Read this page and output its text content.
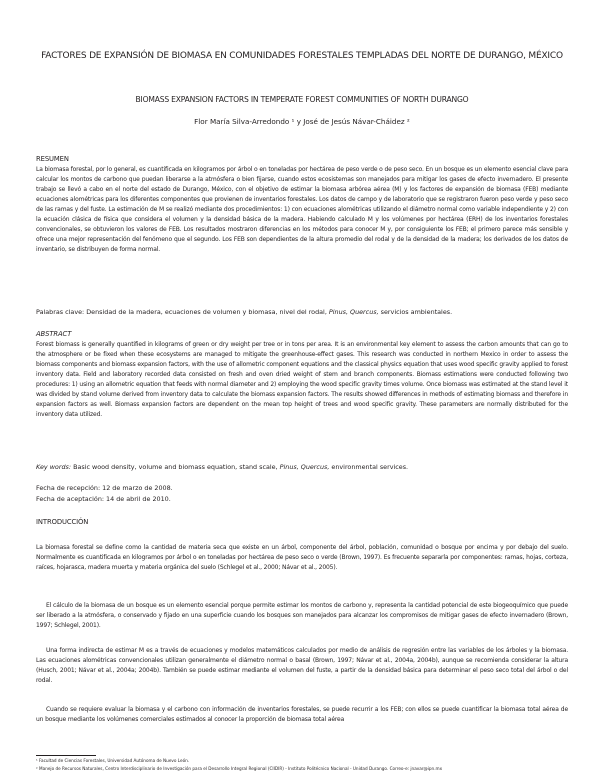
FACTORES DE EXPANSIÓN DE BIOMASA EN COMUNIDADES FORESTALES TEMPLADAS DEL NORTE DE DURANGO, MÉXICO
BIOMASS EXPANSION FACTORS IN TEMPERATE FOREST COMMUNITIES OF NORTH DURANGO
Flor María Silva-Arredondo ¹ y José de Jesús Návar-Cháidez ²
RESUMEN
La biomasa forestal, por lo general, es cuantificada en kilogramos por árbol o en toneladas por hectárea de peso verde o de peso seco. En un bosque es un elemento esencial clave para calcular los montos de carbono que puedan liberarse a la atmósfera o bien fijarse, cuando estos ecosistemas son manejados para mitigar los gases de efecto invernadero. El presente trabajo se llevó a cabo en el norte del estado de Durango, México, con el objetivo de estimar la biomasa arbórea aérea (M) y los factores de expansión de biomasa (FEB) mediante ecuaciones alométricas para los diferentes componentes que provienen de inventarios forestales. Los datos de campo y de laboratorio que se registraron fueron peso verde y peso seco de las ramas y del fuste. La estimación de M se realizó mediante dos procedimientos: 1) con ecuaciones alométricas utilizando el diámetro normal como variable independiente y 2) con la ecuación clásica de física que considera el volumen y la densidad básica de la madera. Habiendo calculado M y los volúmenes por hectárea (ERH) de los inventarios forestales convencionales, se obtuvieron los valores de FEB. Los resultados mostraron diferencias en los métodos para conocer M y, por consiguiente los FEB; el primero parece más sensible y ofrece una mejor representación del fenómeno que el segundo. Los FEB son dependientes de la altura promedio del rodal y de la densidad de la madera; los derivados de los datos de inventario, se distribuyen de forma normal.
Palabras clave: Densidad de la madera, ecuaciones de volumen y biomasa, nivel del rodal, Pinus, Quercus, servicios ambientales.
ABSTRACT
Forest biomass is generally quantified in kilograms of green or dry weight per tree or in tons per area. It is an environmental key element to assess the carbon amounts that can go to the atmosphere or be fixed when these ecosystems are managed to mitigate the greenhouse-effect gases. This research was conducted in northern Mexico in order to assess the biomass components and biomass expansion factors, with the use of allometric component equations and the classical physics equation that uses wood specific gravity applied to forest inventory data. Field and laboratory recorded data consisted on fresh and oven dried weight of stem and branch components. Biomass estimations were conducted following two procedures: 1) using an allometric equation that feeds with normal diameter and 2) employing the wood specific gravity times volume. Once biomass was estimated at the stand level it was divided by stand volume derived from inventory data to calculate the biomass expansion factors. The results showed differences in methods of estimating biomass and therefore in expansion factors as well. Biomass expansion factors are dependent on the mean top height of trees and wood specific gravity. These parameters are normally distributed for the inventory data utilized.
Key words: Basic wood density, volume and biomass equation, stand scale, Pinus, Quercus, environmental services.
Fecha de recepción: 12 de marzo de 2008.
Fecha de aceptación: 14 de abril de 2010.
INTRODUCCIÓN
La biomasa forestal se define como la cantidad de materia seca que existe en un árbol, componente del árbol, población, comunidad o bosque por encima y por debajo del suelo. Normalmente es cuantificada en kilogramos por árbol o en toneladas por hectárea de peso seco o verde (Brown, 1997). Es frecuente separarla por componentes: ramas, hojas, corteza, raíces, hojarasca, madera muerta y materia orgánica del suelo (Schlegel et al., 2000; Návar et al., 2005).
El cálculo de la biomasa de un bosque es un elemento esencial porque permite estimar los montos de carbono y, representa la cantidad potencial de este biogeoquímico que puede ser liberado a la atmósfera, o conservado y fijado en una superficie cuando los bosques son manejados para alcanzar los compromisos de mitigar gases de efecto invernadero (Brown, 1997; Schlegel, 2001).
Una forma indirecta de estimar M es a través de ecuaciones y modelos matemáticos calculados por medio de análisis de regresión entre las variables de los árboles y la biomasa. Las ecuaciones alométricas convencionales utilizan generalmente el diámetro normal o basal (Brown, 1997; Návar et al., 2004a, 2004b), aunque se recomienda considerar la altura (Husch, 2001; Návar et al., 2004a; 2004b). También se puede estimar mediante el volumen del fuste, a partir de la densidad básica para determinar el peso seco total del árbol o del rodal.
Cuando se requiere evaluar la biomasa y el carbono con información de inventarios forestales, se puede recurrir a los FEB; con ellos se puede cuantificar la biomasa total aérea de un bosque mediante los volúmenes comerciales estimados al conocer la proporción de biomasa total aérea
¹ Facultad de Ciencias Forestales, Universidad Autónoma de Nuevo León.
² Manejo de Recursos Naturales, Centro Interdisciplinario de Investigación para el Desarrollo Integral Regional (CIIDIR) - Instituto Politécnico Nacional - Unidad Durango. Correo-e: jnavar@ipn.mx
